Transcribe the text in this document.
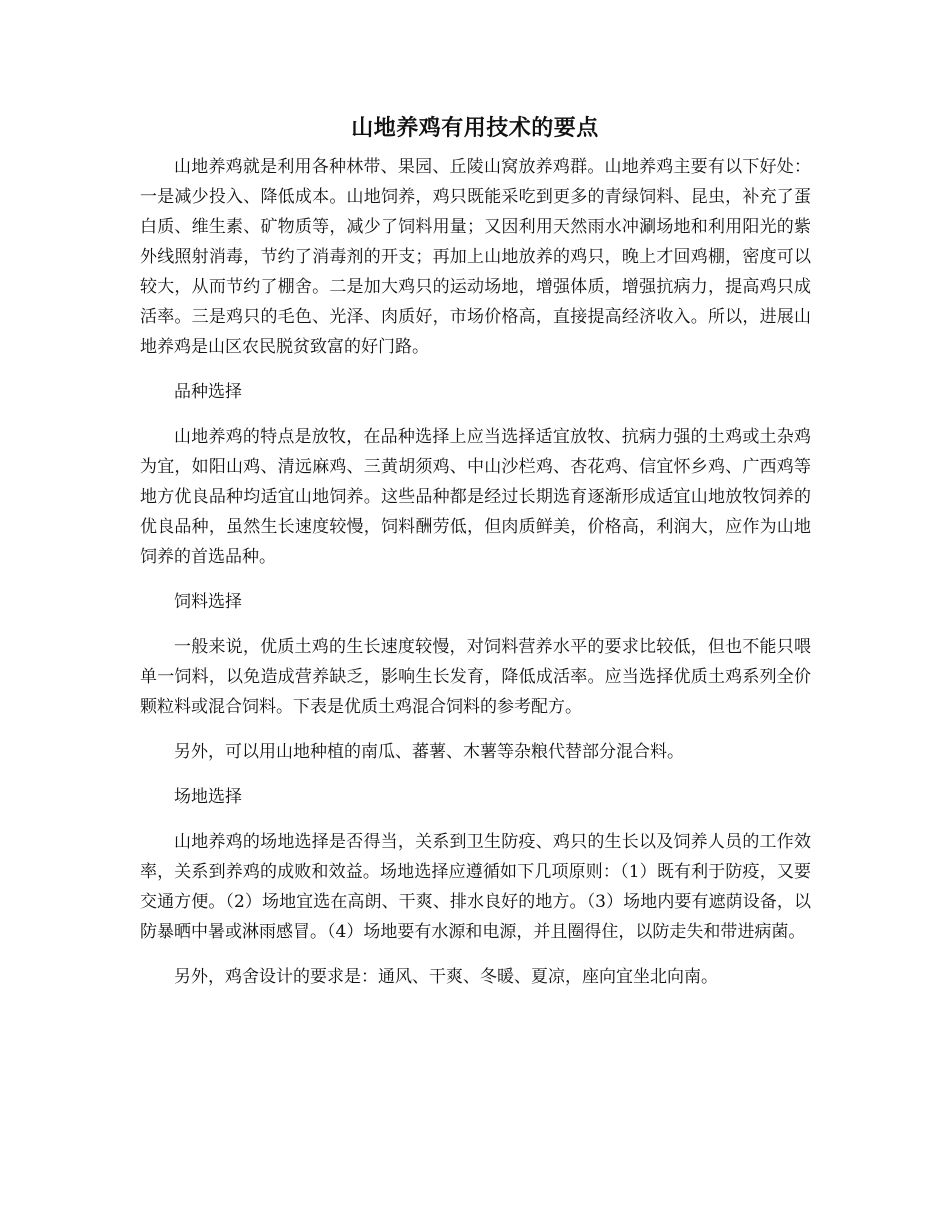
山地养鸡有用技术的要点

山地养鸡就是利用各种林带、果园、丘陵山窝放养鸡群。山地养鸡主要有以下好处：一是减少投入、降低成本。山地饲养，鸡只既能采吃到更多的青绿饲料、昆虫，补充了蛋白质、维生素、矿物质等，减少了饲料用量；又因利用天然雨水冲涮场地和利用阳光的紫外线照射消毒，节约了消毒剂的开支；再加上山地放养的鸡只，晚上才回鸡棚，密度可以较大，从而节约了棚舍。二是加大鸡只的运动场地，增强体质，增强抗病力，提高鸡只成活率。三是鸡只的毛色、光泽、肉质好，市场价格高，直接提高经济收入。所以，进展山地养鸡是山区农民脱贫致富的好门路。

品种选择

山地养鸡的特点是放牧，在品种选择上应当选择适宜放牧、抗病力强的土鸡或土杂鸡为宜，如阳山鸡、清远麻鸡、三黄胡须鸡、中山沙栏鸡、杏花鸡、信宜怀乡鸡、广西鸡等地方优良品种均适宜山地饲养。这些品种都是经过长期选育逐渐形成适宜山地放牧饲养的优良品种，虽然生长速度较慢，饲料酬劳低，但肉质鲜美，价格高，利润大，应作为山地饲养的首选品种。

饲料选择

一般来说，优质土鸡的生长速度较慢，对饲料营养水平的要求比较低，但也不能只喂单一饲料，以免造成营养缺乏，影响生长发育，降低成活率。应当选择优质土鸡系列全价颗粒料或混合饲料。下表是优质土鸡混合饲料的参考配方。

另外，可以用山地种植的南瓜、蕃薯、木薯等杂粮代替部分混合料。

场地选择

山地养鸡的场地选择是否得当，关系到卫生防疫、鸡只的生长以及饲养人员的工作效率，关系到养鸡的成败和效益。场地选择应遵循如下几项原则：（1）既有利于防疫，又要交通方便。（2）场地宜选在高朗、干爽、排水良好的地方。（3）场地内要有遮荫设备，以防暴晒中暑或淋雨感冒。（4）场地要有水源和电源，并且圈得住，以防走失和带进病菌。

另外，鸡舍设计的要求是：通风、干爽、冬暖、夏凉，座向宜坐北向南。
